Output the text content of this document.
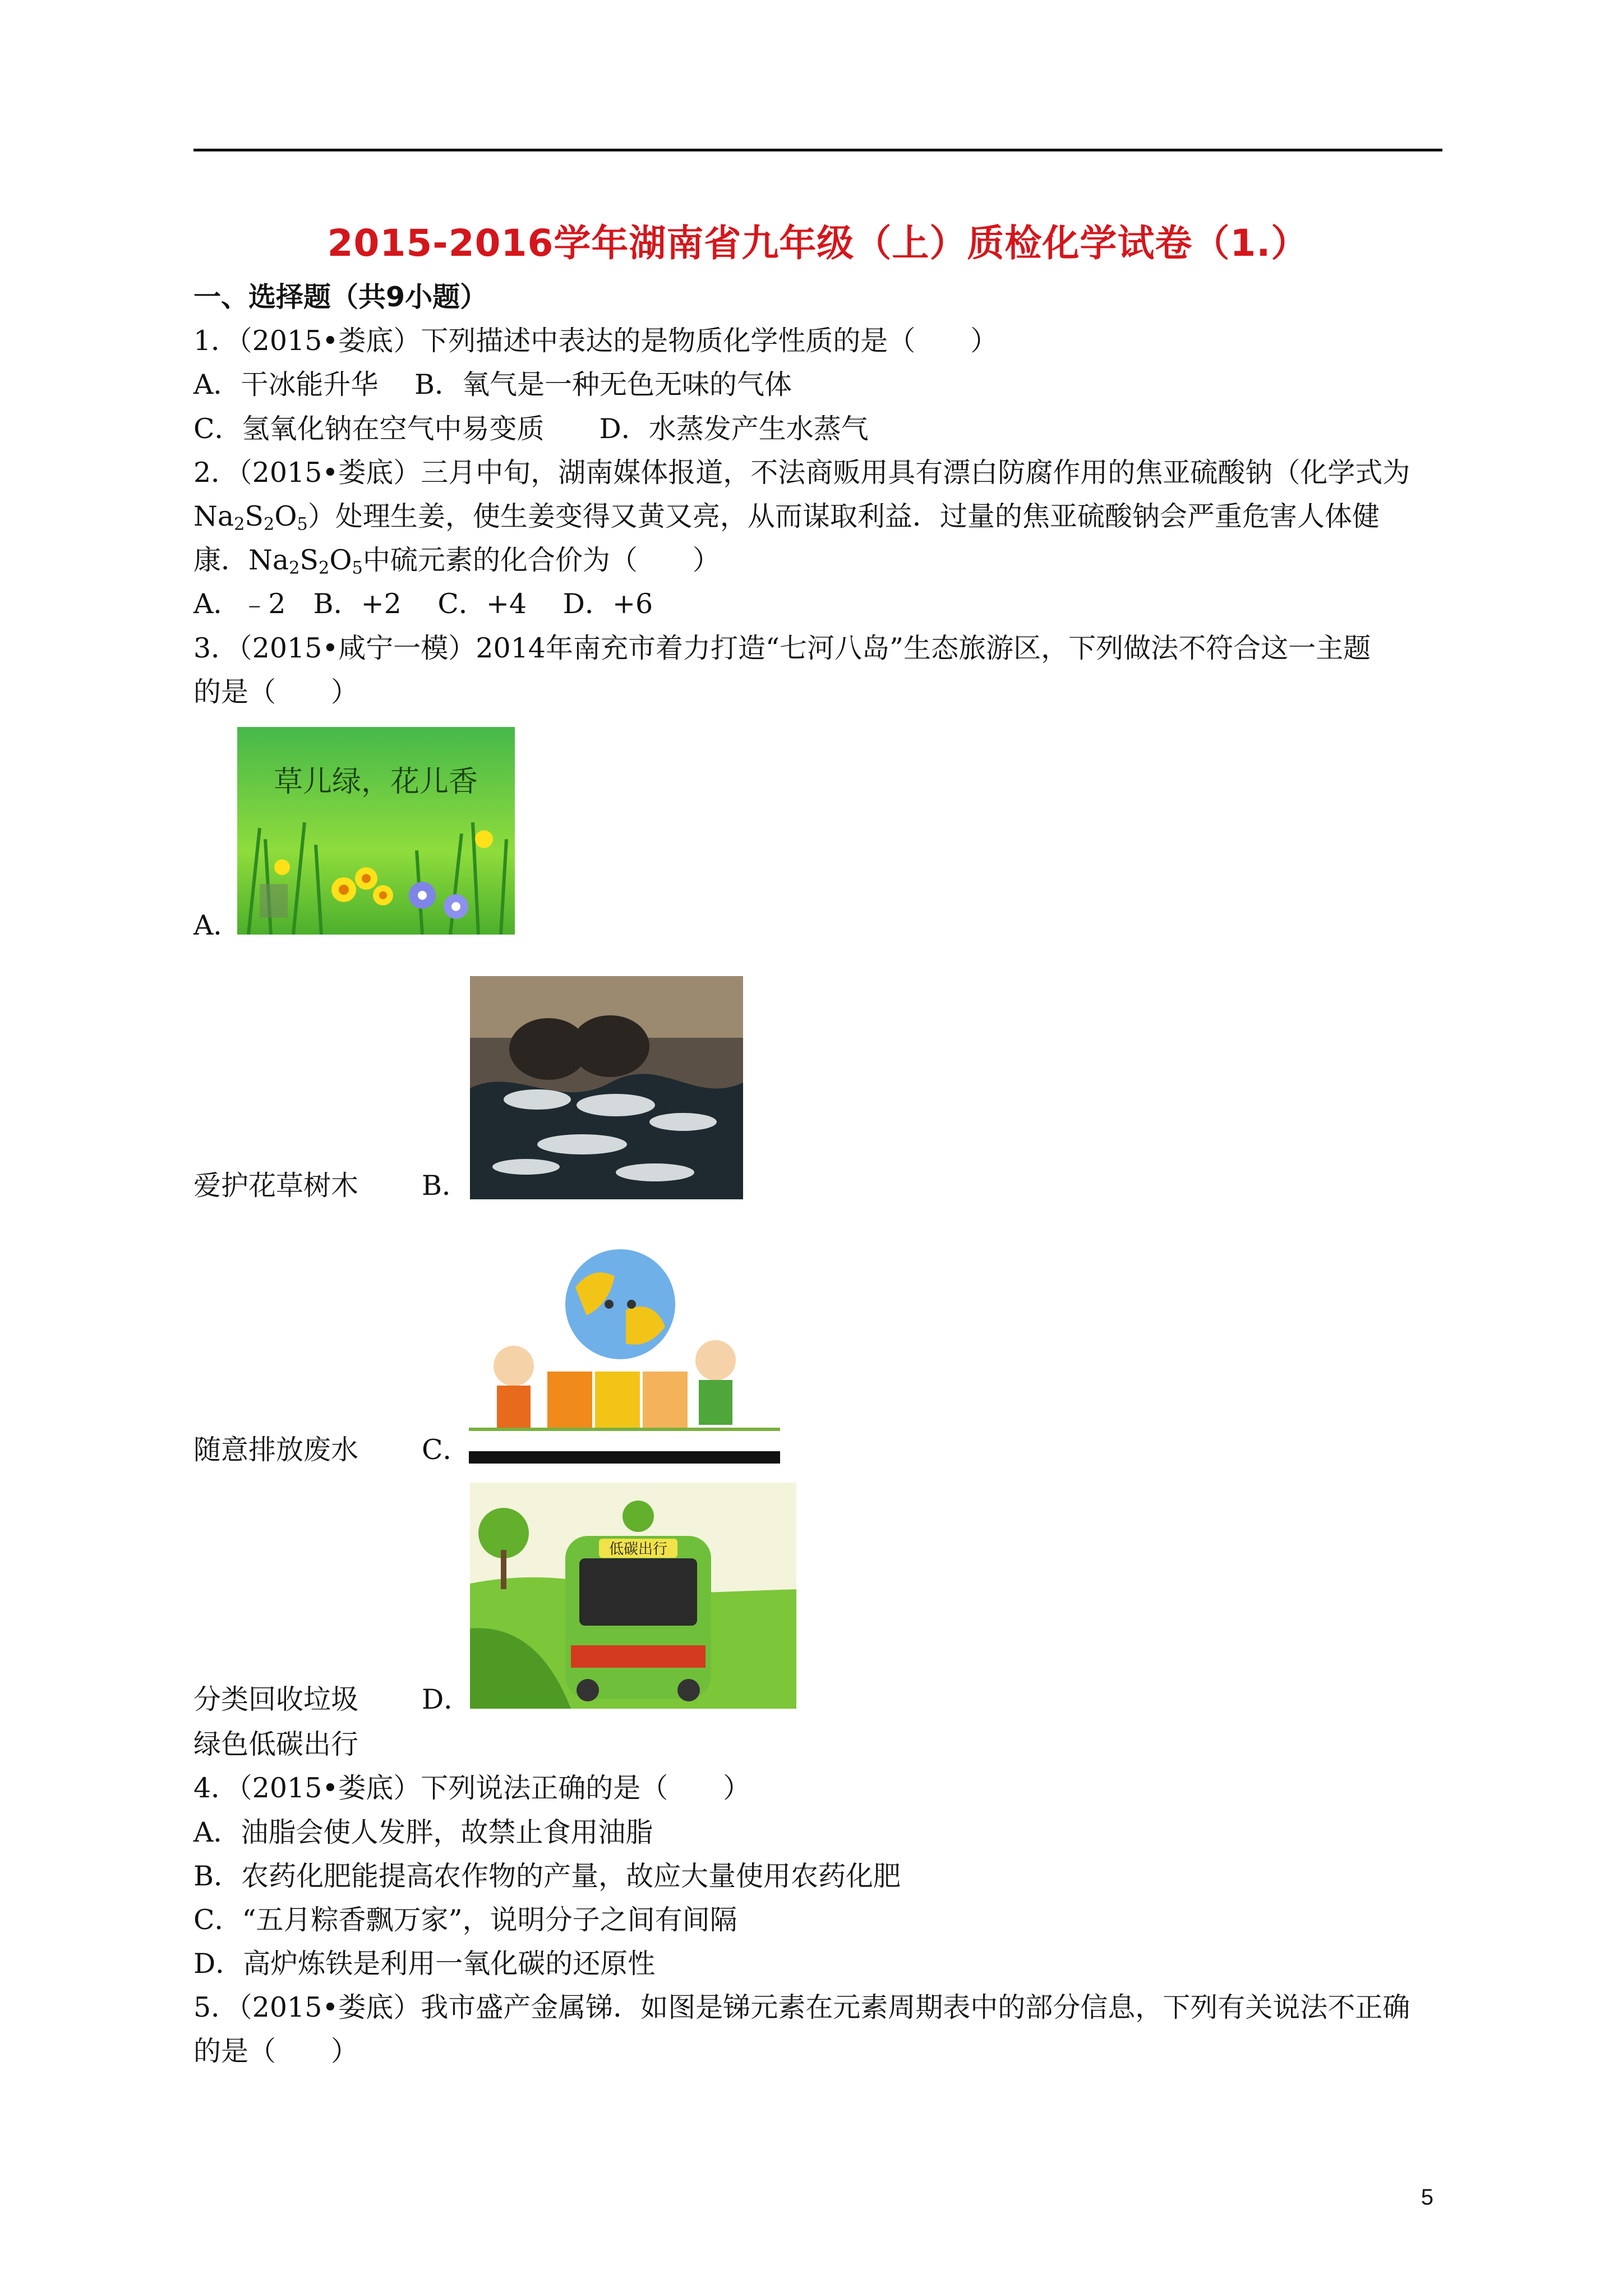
2015-2016学年湖南省九年级（上）质检化学试卷（1.）
一、选择题（共9小题）
1．（2015•娄底）下列描述中表达的是物质化学性质的是（　　）
A．干冰能升华　 B．氧气是一种无色无味的气体
C．氢氧化钠在空气中易变质　　D．水蒸发产生水蒸气
2．（2015•娄底）三月中旬，湖南媒体报道，不法商贩用具有漂白防腐作用的焦亚硫酸钠（化学式为
$Na_2S_2O_5$）处理生姜，使生姜变得又黄又亮，从而谋取利益．过量的焦亚硫酸钠会严重危害人体健
康．$Na_2S_2O_5$中硫元素的化合价为（　　）
A．﹣2　B．+2　 C．+4　 D．+6
3．（2015•咸宁一模）2014年南充市着力打造“七河八岛”生态旅游区，下列做法不符合这一主题
的是（　　）
草儿绿，花儿香
A．
爱护花草树木 B．
随意排放废水 C．
低碳出行
分类回收垃圾 D．
绿色低碳出行
4．（2015•娄底）下列说法正确的是（　　）
A．油脂会使人发胖，故禁止食用油脂
B．农药化肥能提高农作物的产量，故应大量使用农药化肥
C．“五月粽香飘万家”，说明分子之间有间隔
D．高炉炼铁是利用一氧化碳的还原性
5．（2015•娄底）我市盛产金属锑．如图是锑元素在元素周期表中的部分信息，下列有关说法不正确
的是（　　）
5
